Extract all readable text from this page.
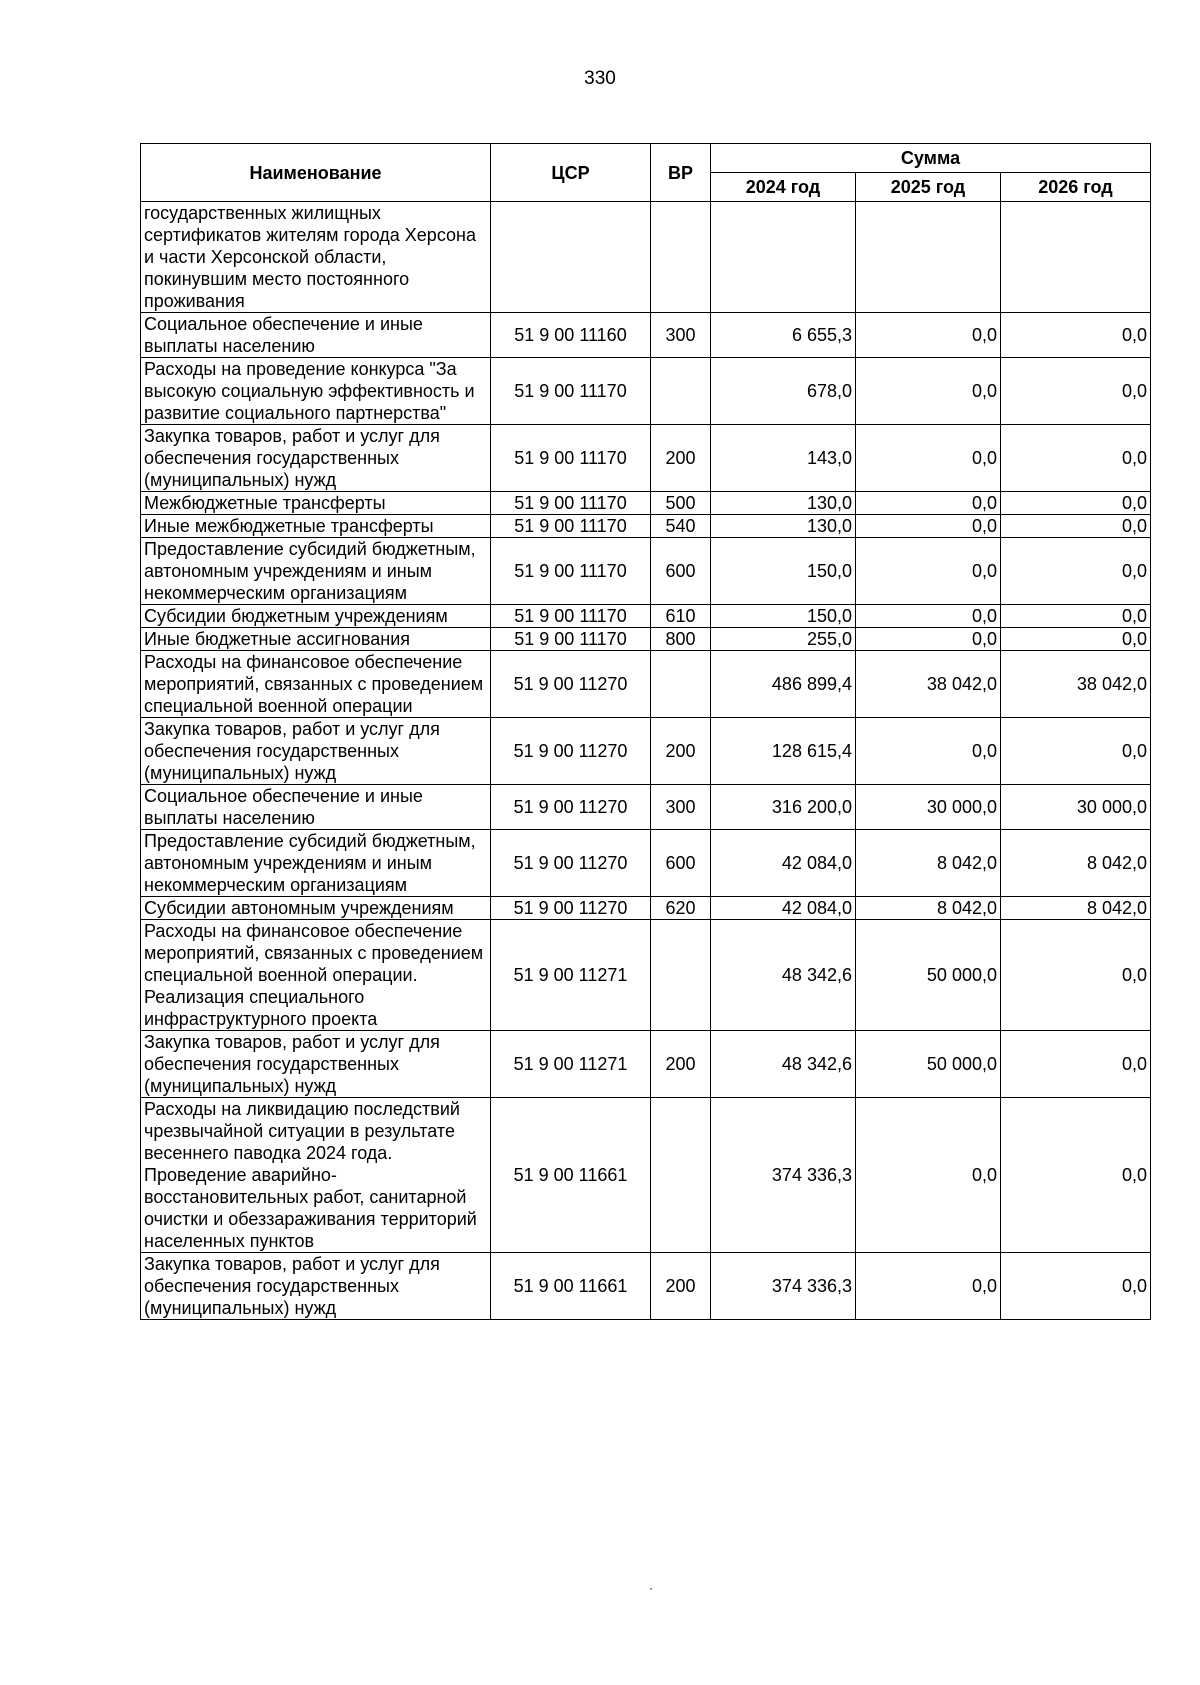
330
Наименование	ЦСР	ВР	Сумма		
			2024 год	2025 год	2026 год
государственных жилищных сертификатов жителям города Херсона и части Херсонской области, покинувшим место постоянного проживания					
Социальное обеспечение и иные выплаты населению	51 9 00 11160	300	6 655,3	0,0	0,0
Расходы на проведение конкурса "За высокую социальную эффективность и развитие социального партнерства"	51 9 00 11170		678,0	0,0	0,0
Закупка товаров, работ и услуг для обеспечения государственных (муниципальных) нужд	51 9 00 11170	200	143,0	0,0	0,0
Межбюджетные трансферты	51 9 00 11170	500	130,0	0,0	0,0
Иные межбюджетные трансферты	51 9 00 11170	540	130,0	0,0	0,0
Предоставление субсидий бюджетным, автономным учреждениям и иным некоммерческим организациям	51 9 00 11170	600	150,0	0,0	0,0
Субсидии бюджетным учреждениям	51 9 00 11170	610	150,0	0,0	0,0
Иные бюджетные ассигнования	51 9 00 11170	800	255,0	0,0	0,0
Расходы на финансовое обеспечение мероприятий, связанных с проведением специальной военной операции	51 9 00 11270		486 899,4	38 042,0	38 042,0
Закупка товаров, работ и услуг для обеспечения государственных (муниципальных) нужд	51 9 00 11270	200	128 615,4	0,0	0,0
Социальное обеспечение и иные выплаты населению	51 9 00 11270	300	316 200,0	30 000,0	30 000,0
Предоставление субсидий бюджетным, автономным учреждениям и иным некоммерческим организациям	51 9 00 11270	600	42 084,0	8 042,0	8 042,0
Субсидии автономным учреждениям	51 9 00 11270	620	42 084,0	8 042,0	8 042,0
Расходы на финансовое обеспечение мероприятий, связанных с проведением специальной военной операции. Реализация специального инфраструктурного проекта	51 9 00 11271		48 342,6	50 000,0	0,0
Закупка товаров, работ и услуг для обеспечения государственных (муниципальных) нужд	51 9 00 11271	200	48 342,6	50 000,0	0,0
Расходы на ликвидацию последствий чрезвычайной ситуации в результате весеннего паводка 2024 года. Проведение аварийно-восстановительных работ, санитарной очистки и обеззараживания территорий населенных пунктов	51 9 00 11661		374 336,3	0,0	0,0
Закупка товаров, работ и услуг для обеспечения государственных (муниципальных) нужд	51 9 00 11661	200	374 336,3	0,0	0,0
